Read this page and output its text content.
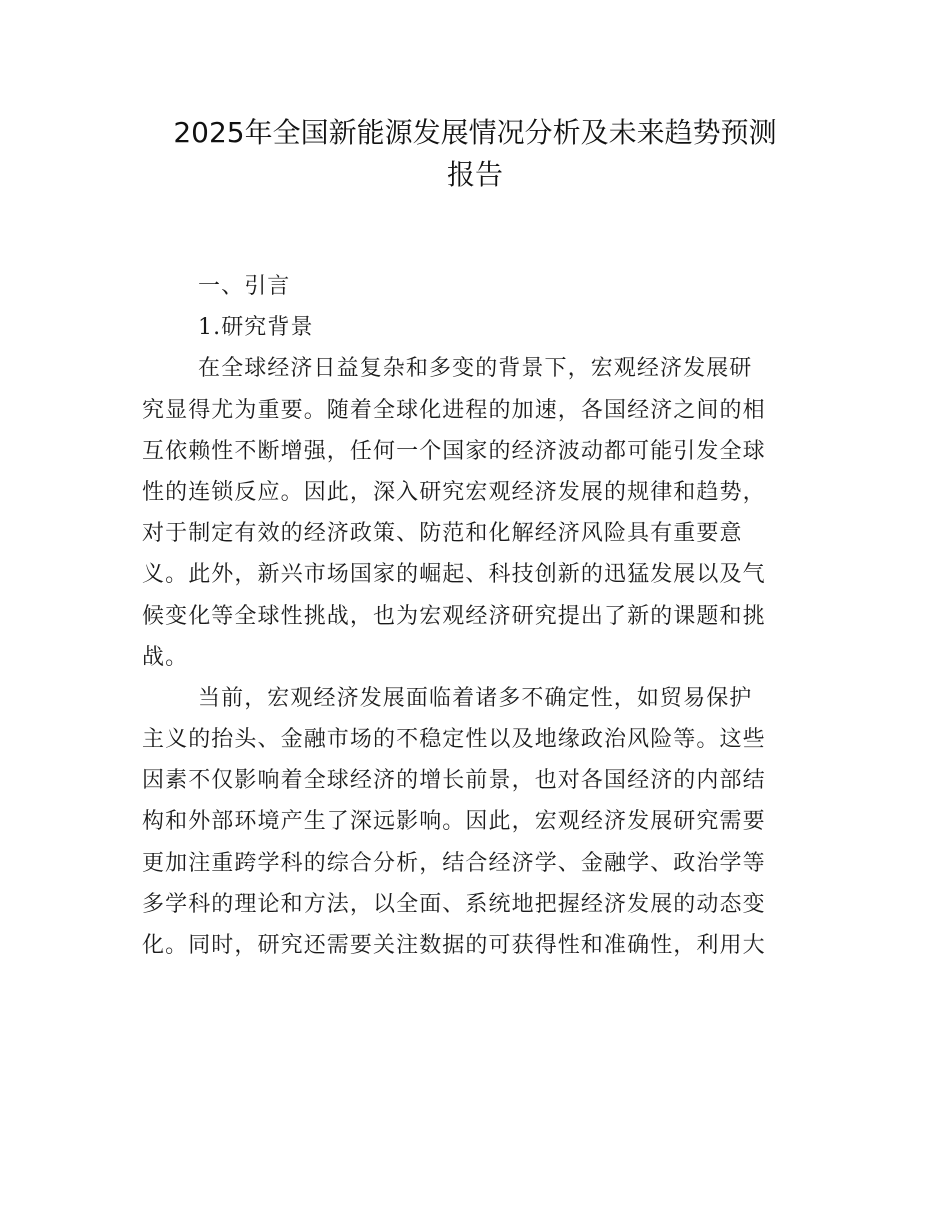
2025年全国新能源发展情况分析及未来趋势预测
报告
一、引言
1.研究背景
在全球经济日益复杂和多变的背景下，宏观经济发展研
究显得尤为重要。随着全球化进程的加速，各国经济之间的相
互依赖性不断增强，任何一个国家的经济波动都可能引发全球
性的连锁反应。因此，深入研究宏观经济发展的规律和趋势，
对于制定有效的经济政策、防范和化解经济风险具有重要意
义。此外，新兴市场国家的崛起、科技创新的迅猛发展以及气
候变化等全球性挑战，也为宏观经济研究提出了新的课题和挑
战。
当前，宏观经济发展面临着诸多不确定性，如贸易保护
主义的抬头、金融市场的不稳定性以及地缘政治风险等。这些
因素不仅影响着全球经济的增长前景，也对各国经济的内部结
构和外部环境产生了深远影响。因此，宏观经济发展研究需要
更加注重跨学科的综合分析，结合经济学、金融学、政治学等
多学科的理论和方法，以全面、系统地把握经济发展的动态变
化。同时，研究还需要关注数据的可获得性和准确性，利用大
